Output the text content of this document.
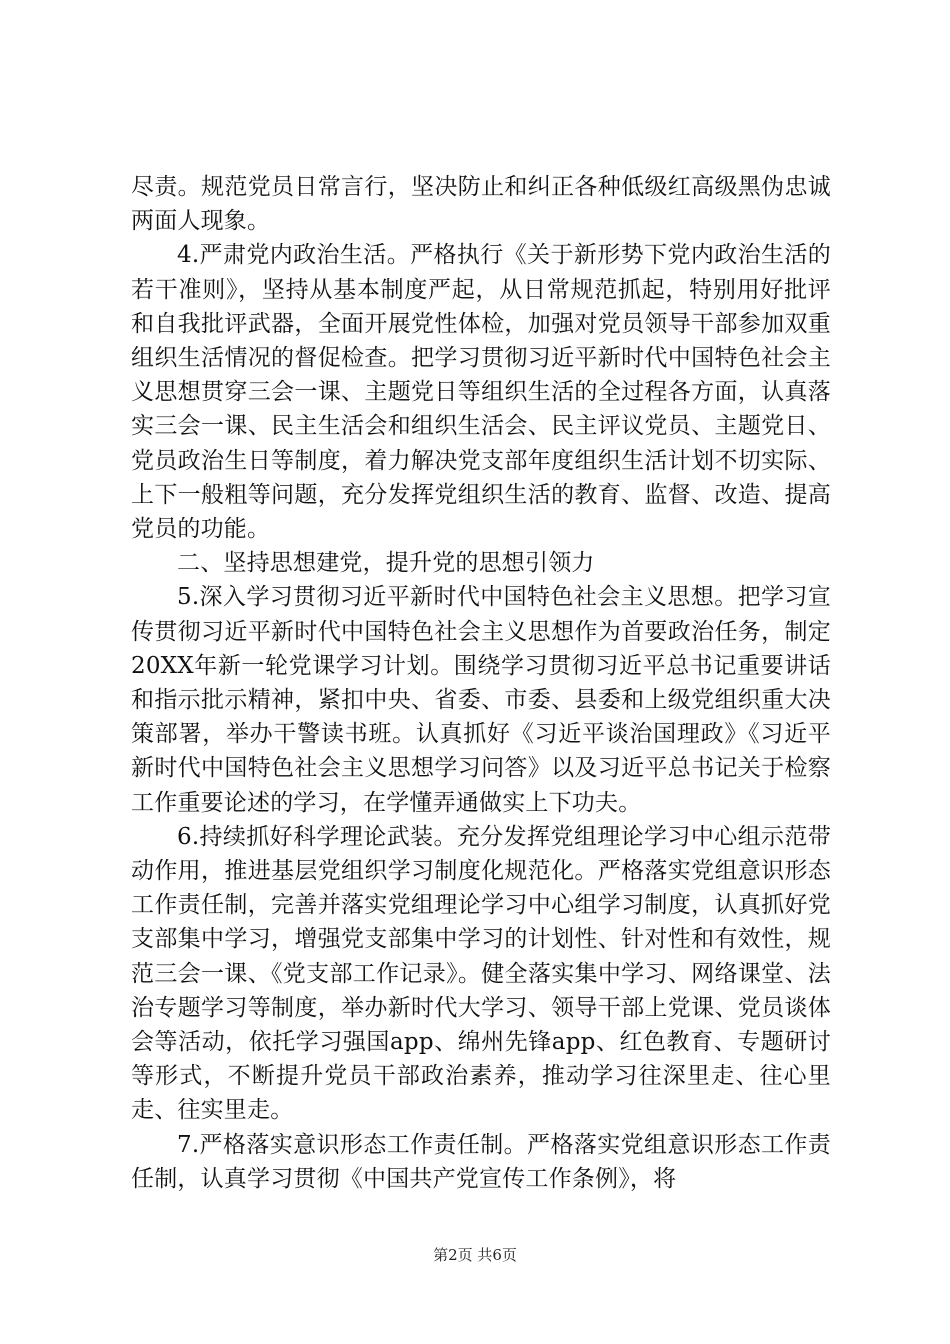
尽责。规范党员日常言行，坚决防止和纠正各种低级红高级黑伪忠诚两面人现象。

4.严肃党内政治生活。严格执行《关于新形势下党内政治生活的若干准则》，坚持从基本制度严起，从日常规范抓起，特别用好批评和自我批评武器，全面开展党性体检，加强对党员领导干部参加双重组织生活情况的督促检查。把学习贯彻习近平新时代中国特色社会主义思想贯穿三会一课、主题党日等组织生活的全过程各方面，认真落实三会一课、民主生活会和组织生活会、民主评议党员、主题党日、党员政治生日等制度，着力解决党支部年度组织生活计划不切实际、上下一般粗等问题，充分发挥党组织生活的教育、监督、改造、提高党员的功能。

二、坚持思想建党，提升党的思想引领力

5.深入学习贯彻习近平新时代中国特色社会主义思想。把学习宣传贯彻习近平新时代中国特色社会主义思想作为首要政治任务，制定20XX年新一轮党课学习计划。围绕学习贯彻习近平总书记重要讲话和指示批示精神，紧扣中央、省委、市委、县委和上级党组织重大决策部署，举办干警读书班。认真抓好《习近平谈治国理政》《习近平新时代中国特色社会主义思想学习问答》以及习近平总书记关于检察工作重要论述的学习，在学懂弄通做实上下功夫。

6.持续抓好科学理论武装。充分发挥党组理论学习中心组示范带动作用，推进基层党组织学习制度化规范化。严格落实党组意识形态工作责任制，完善并落实党组理论学习中心组学习制度，认真抓好党支部集中学习，增强党支部集中学习的计划性、针对性和有效性，规范三会一课、《党支部工作记录》。健全落实集中学习、网络课堂、法治专题学习等制度，举办新时代大学习、领导干部上党课、党员谈体会等活动，依托学习强国app、绵州先锋app、红色教育、专题研讨等形式，不断提升党员干部政治素养，推动学习往深里走、往心里走、往实里走。

7.严格落实意识形态工作责任制。严格落实党组意识形态工作责任制，认真学习贯彻《中国共产党宣传工作条例》，将

第2页 共6页
